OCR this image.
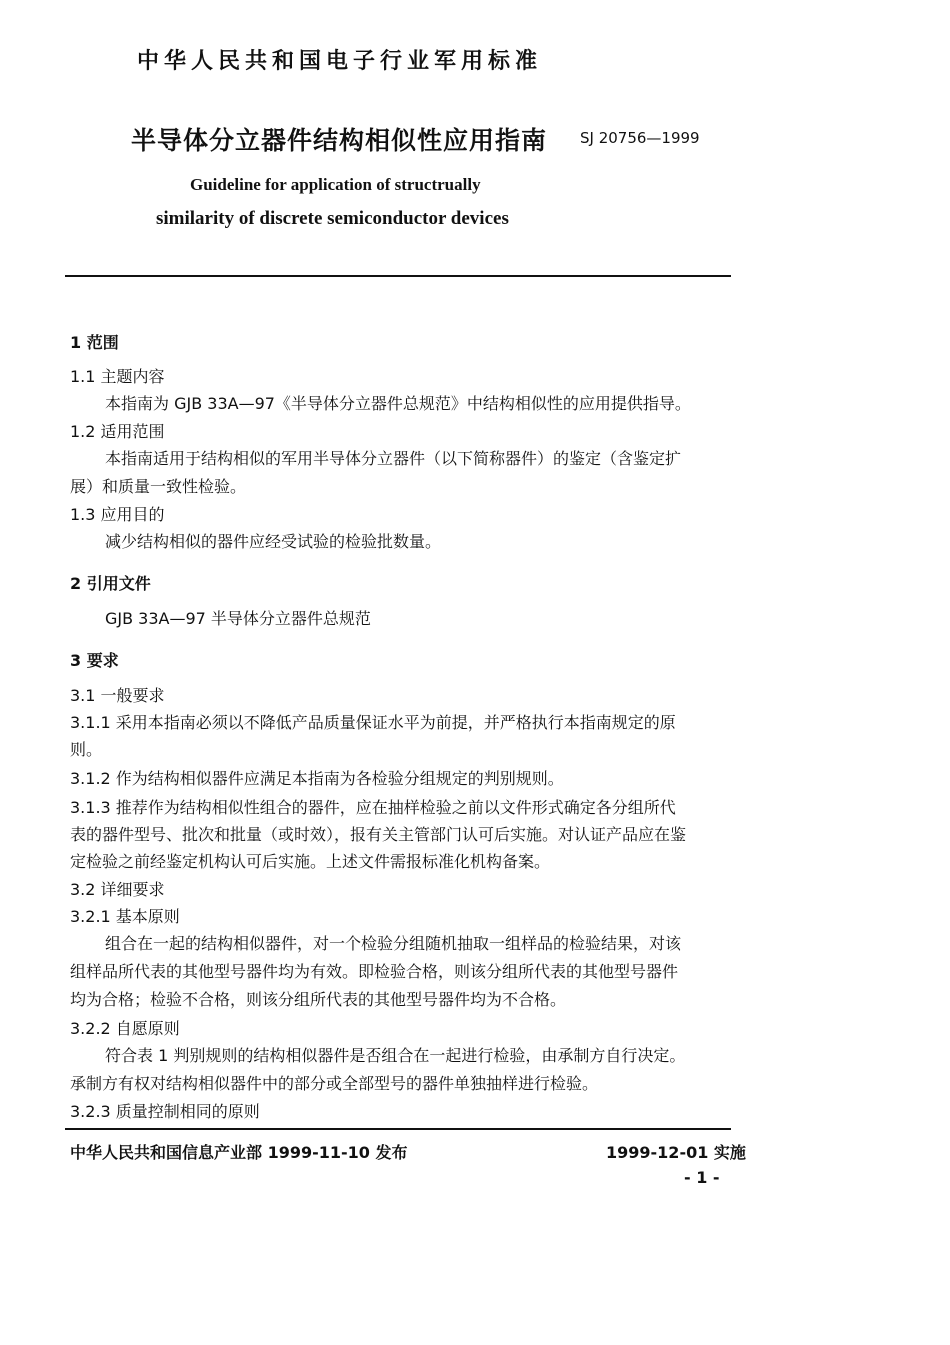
中华人民共和国电子行业军用标准
半导体分立器件结构相似性应用指南 SJ 20756—1999
Guideline for application of structrually
similarity of discrete semiconductor devices
1 范围
1.1 主题内容
本指南为 GJB 33A—97《半导体分立器件总规范》中结构相似性的应用提供指导。
1.2 适用范围
本指南适用于结构相似的军用半导体分立器件（以下简称器件）的鉴定（含鉴定扩
展）和质量一致性检验。
1.3 应用目的
减少结构相似的器件应经受试验的检验批数量。
2 引用文件
GJB 33A—97 半导体分立器件总规范
3 要求
3.1 一般要求
3.1.1 采用本指南必须以不降低产品质量保证水平为前提，并严格执行本指南规定的原
则。
3.1.2 作为结构相似器件应满足本指南为各检验分组规定的判别规则。
3.1.3 推荐作为结构相似性组合的器件，应在抽样检验之前以文件形式确定各分组所代
表的器件型号、批次和批量（或时效），报有关主管部门认可后实施。对认证产品应在鉴
定检验之前经鉴定机构认可后实施。上述文件需报标准化机构备案。
3.2 详细要求
3.2.1 基本原则
组合在一起的结构相似器件，对一个检验分组随机抽取一组样品的检验结果，对该
组样品所代表的其他型号器件均为有效。即检验合格，则该分组所代表的其他型号器件
均为合格；检验不合格，则该分组所代表的其他型号器件均为不合格。
3.2.2 自愿原则
符合表 1 判别规则的结构相似器件是否组合在一起进行检验，由承制方自行决定。
承制方有权对结构相似器件中的部分或全部型号的器件单独抽样进行检验。
3.2.3 质量控制相同的原则
中华人民共和国信息产业部 1999-11-10 发布	1999-12-01 实施
- 1 -
